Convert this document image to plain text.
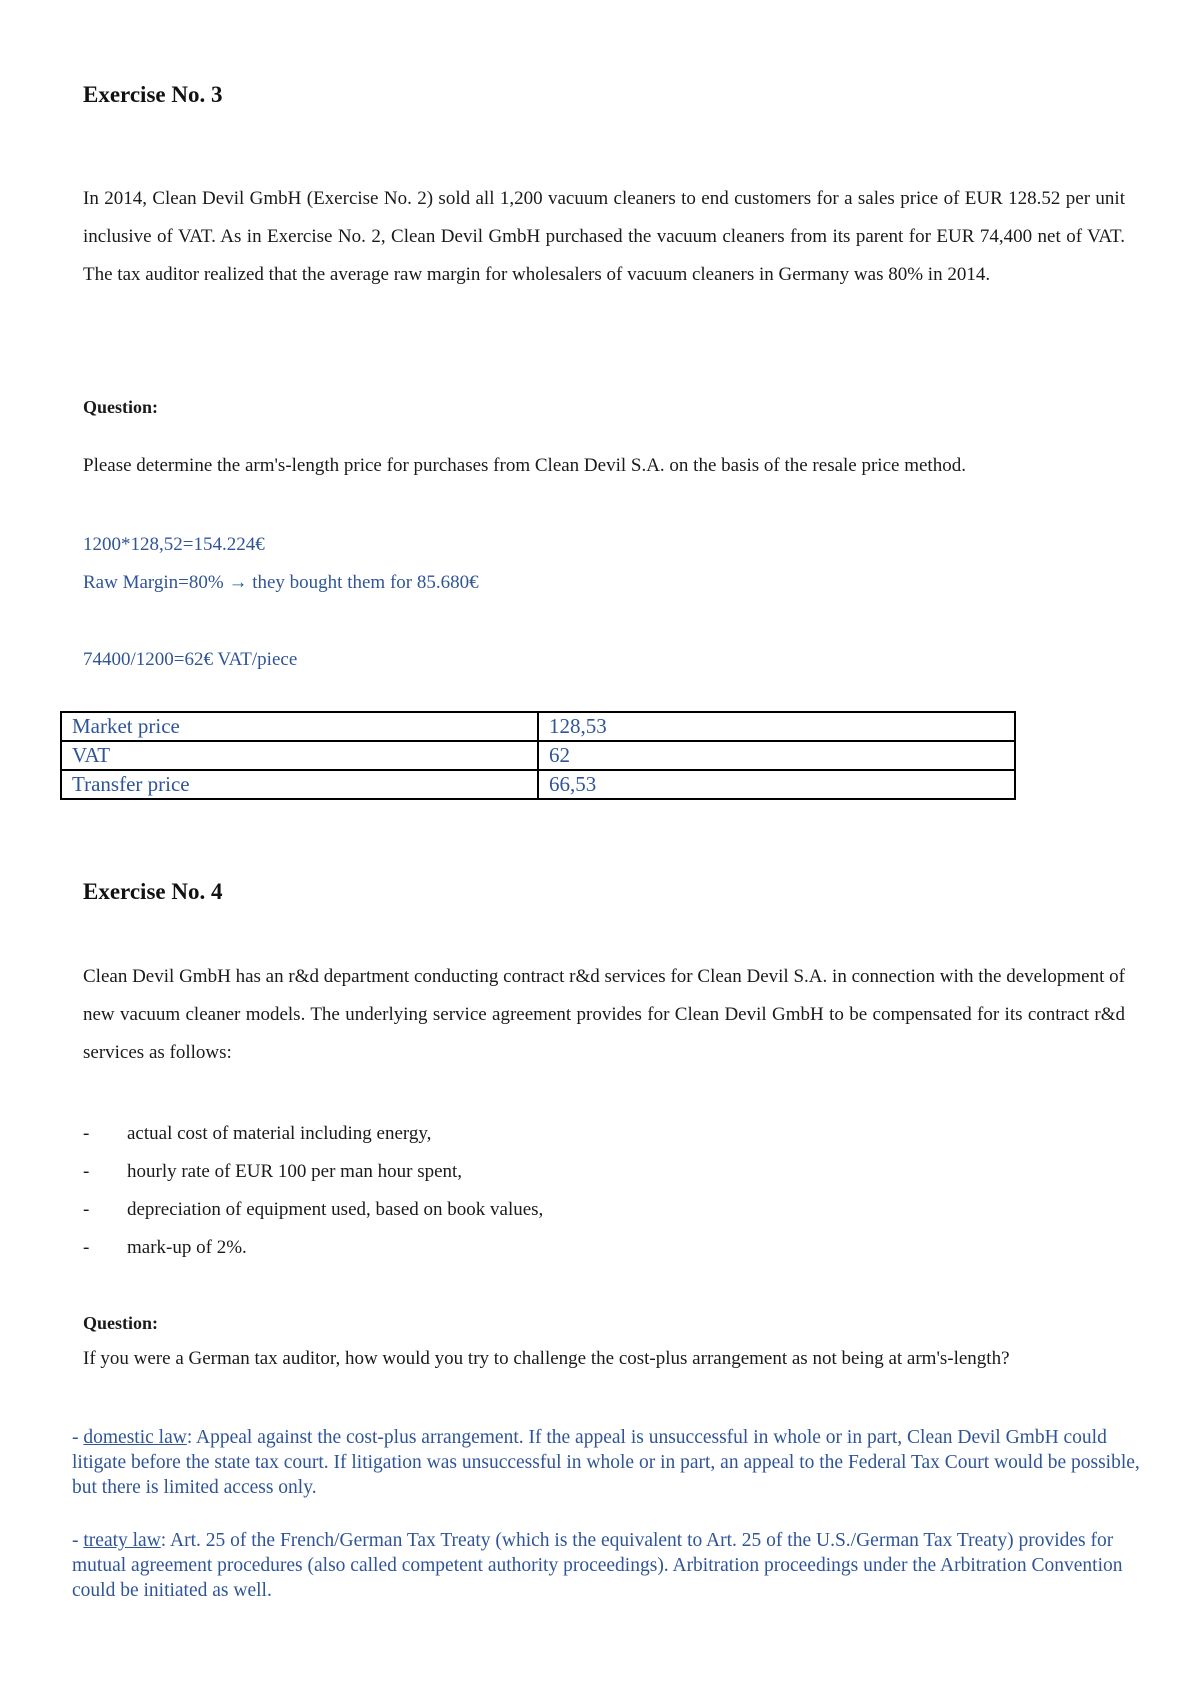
Exercise No. 3

In 2014, Clean Devil GmbH (Exercise No. 2) sold all 1,200 vacuum cleaners to end customers for a sales price of EUR 128.52 per unit inclusive of VAT. As in Exercise No. 2, Clean Devil GmbH purchased the vacuum cleaners from its parent for EUR 74,400 net of VAT. The tax auditor realized that the average raw margin for wholesalers of vacuum cleaners in Germany was 80% in 2014.

Question:

Please determine the arm's-length price for purchases from Clean Devil S.A. on the basis of the resale price method.

1200*128,52=154.224€
Raw Margin=80% → they bought them for 85.680€
74400/1200=62€ VAT/piece
Market price	128,53
VAT	62
Transfer price	66,53
Exercise No. 4

Clean Devil GmbH has an r&d department conducting contract r&d services for Clean Devil S.A. in connection with the development of new vacuum cleaner models. The underlying service agreement provides for Clean Devil GmbH to be compensated for its contract r&d services as follows:

- actual cost of material including energy,
- hourly rate of EUR 100 per man hour spent,
- depreciation of equipment used, based on book values,
- mark-up of 2%.
Question:

If you were a German tax auditor, how would you try to challenge the cost-plus arrangement as not being at arm's-length?

- domestic law: Appeal against the cost-plus arrangement. If the appeal is unsuccessful in whole or in part, Clean Devil GmbH could litigate before the state tax court. If litigation was unsuccessful in whole or in part, an appeal to the Federal Tax Court would be possible, but there is limited access only.

- treaty law: Art. 25 of the French/German Tax Treaty (which is the equivalent to Art. 25 of the U.S./German Tax Treaty) provides for mutual agreement procedures (also called competent authority proceedings). Arbitration proceedings under the Arbitration Convention could be initiated as well.
